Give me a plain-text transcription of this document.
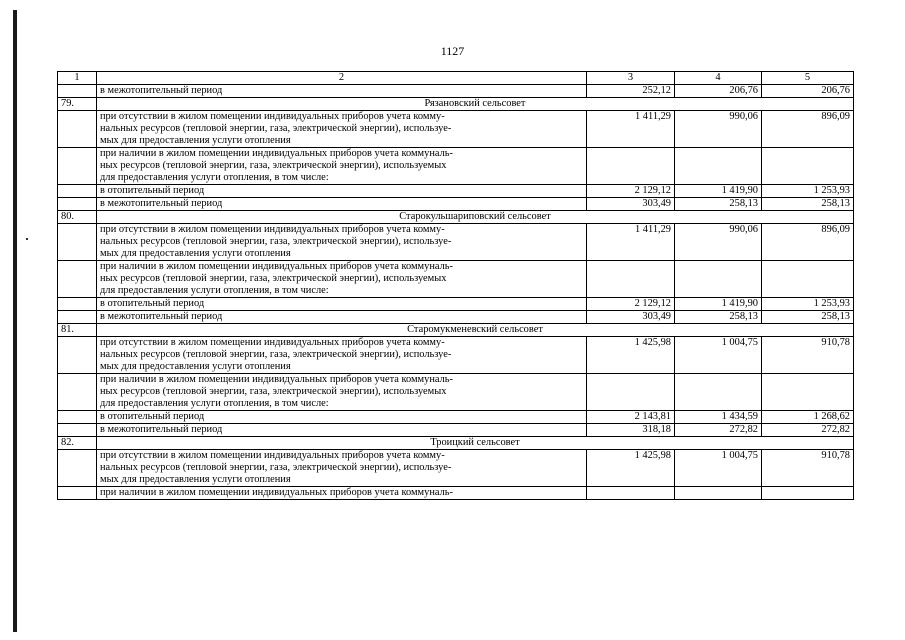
1127
1	2	3	4	5
	в межотопительный период	252,12	206,76	206,76
79.	Рязановский сельсовет			

	при отсутствии в жилом помещении индивидуальных приборов учета комму-
нальных ресурсов (тепловой энергии, газа, электрической энергии), используе-
мых для предоставления услуги отопления	1 411,29	990,06	896,09

	при наличии в жилом помещении индивидуальных приборов учета коммуналь-
ных ресурсов (тепловой энергии, газа, электрической энергии), используемых
для предоставления услуги отопления, в том числе:			

	в отопительный период	2 129,12	1 419,90	1 253,93

	в межотопительный период	303,49	258,13	258,13
80.	Старокульшариповский сельсовет			

	при отсутствии в жилом помещении индивидуальных приборов учета комму-
нальных ресурсов (тепловой энергии, газа, электрической энергии), используе-
мых для предоставления услуги отопления	1 411,29	990,06	896,09

	при наличии в жилом помещении индивидуальных приборов учета коммуналь-
ных ресурсов (тепловой энергии, газа, электрической энергии), используемых
для предоставления услуги отопления, в том числе:			

	в отопительный период	2 129,12	1 419,90	1 253,93

	в межотопительный период	303,49	258,13	258,13
81.	Старомукменевский сельсовет			

	при отсутствии в жилом помещении индивидуальных приборов учета комму-
нальных ресурсов (тепловой энергии, газа, электрической энергии), используе-
мых для предоставления услуги отопления	1 425,98	1 004,75	910,78

	при наличии в жилом помещении индивидуальных приборов учета коммуналь-
ных ресурсов (тепловой энергии, газа, электрической энергии), используемых
для предоставления услуги отопления, в том числе:			

	в отопительный период	2 143,81	1 434,59	1 268,62

	в межотопительный период	318,18	272,82	272,82
82.	Троицкий сельсовет			

	при отсутствии в жилом помещении индивидуальных приборов учета комму-
нальных ресурсов (тепловой энергии, газа, электрической энергии), используе-
мых для предоставления услуги отопления	1 425,98	1 004,75	910,78

	при наличии в жилом помещении индивидуальных приборов учета коммуналь-			
